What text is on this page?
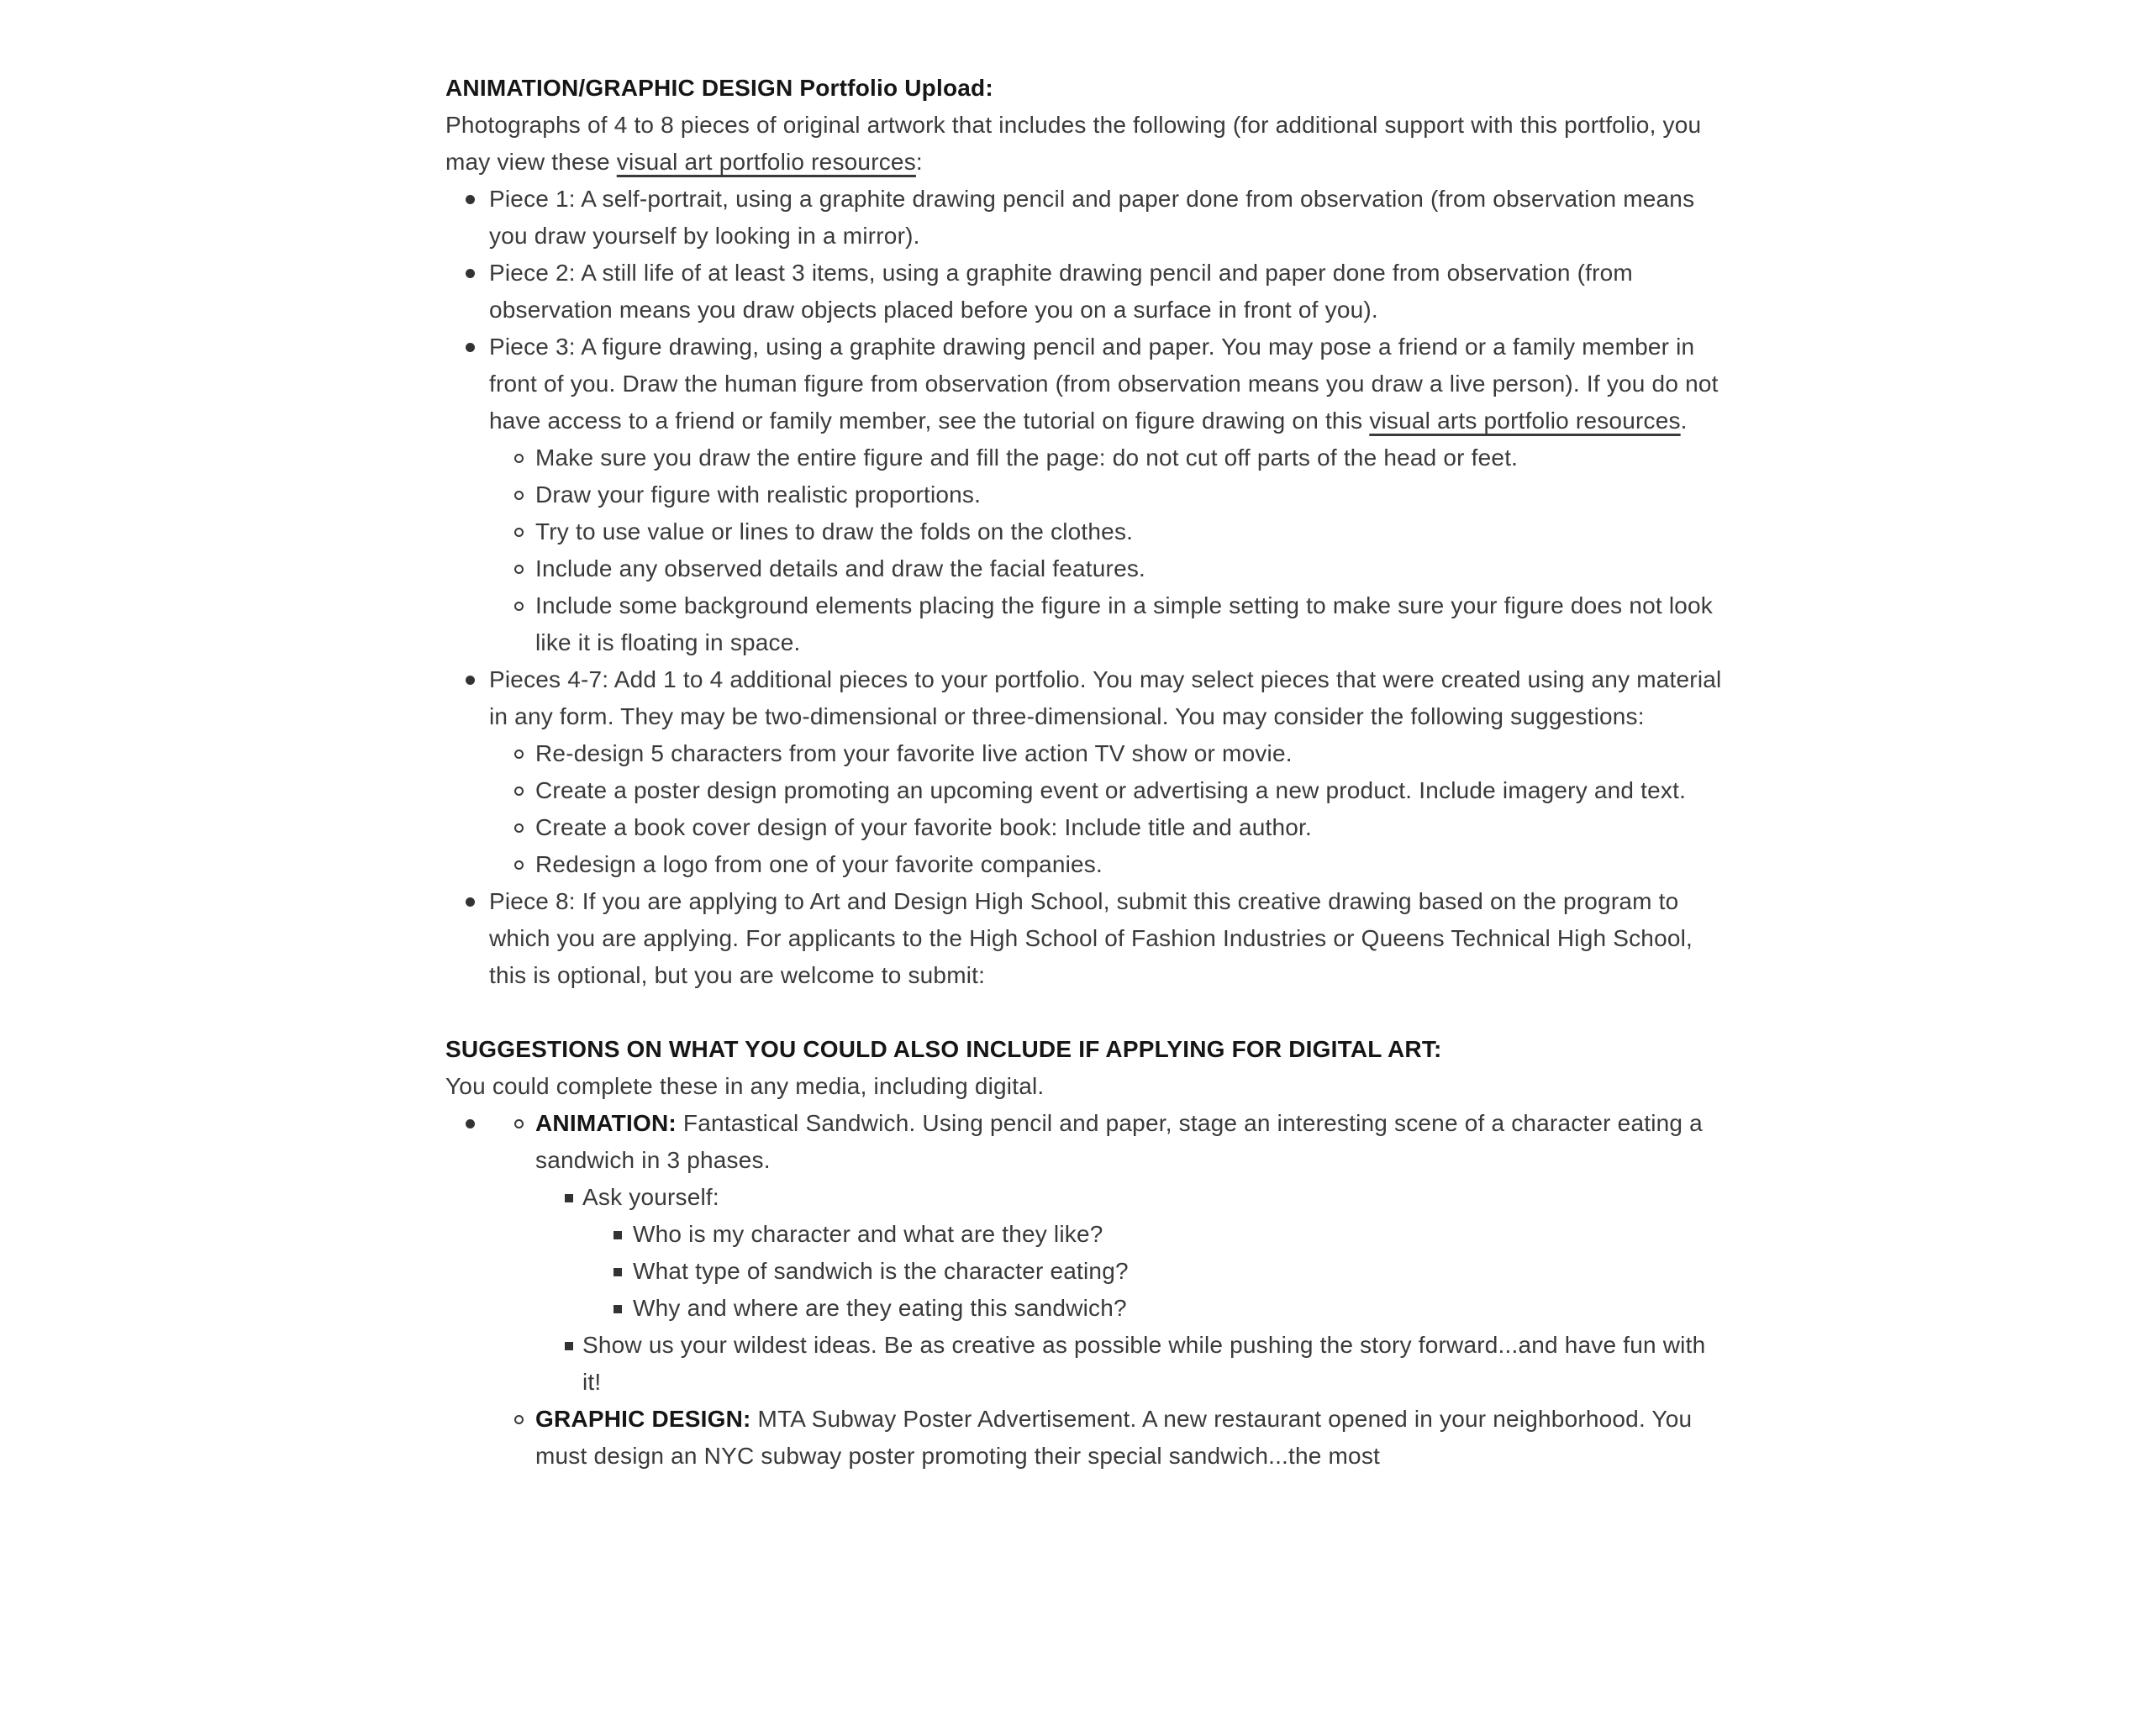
ANIMATION/GRAPHIC DESIGN Portfolio Upload:
Photographs of 4 to 8 pieces of original artwork that includes the following (for additional support with this portfolio, you may view these visual art portfolio resources:
Piece 1: A self-portrait, using a graphite drawing pencil and paper done from observation (from observation means you draw yourself by looking in a mirror).
Piece 2: A still life of at least 3 items, using a graphite drawing pencil and paper done from observation (from observation means you draw objects placed before you on a surface in front of you).
Piece 3: A figure drawing, using a graphite drawing pencil and paper. You may pose a friend or a family member in front of you. Draw the human figure from observation (from observation means you draw a live person). If you do not have access to a friend or family member, see the tutorial on figure drawing on this visual arts portfolio resources.
Make sure you draw the entire figure and fill the page: do not cut off parts of the head or feet.
Draw your figure with realistic proportions.
Try to use value or lines to draw the folds on the clothes.
Include any observed details and draw the facial features.
Include some background elements placing the figure in a simple setting to make sure your figure does not look like it is floating in space.
Pieces 4-7: Add 1 to 4 additional pieces to your portfolio. You may select pieces that were created using any material in any form. They may be two-dimensional or three-dimensional. You may consider the following suggestions:
Re-design 5 characters from your favorite live action TV show or movie.
Create a poster design promoting an upcoming event or advertising a new product. Include imagery and text.
Create a book cover design of your favorite book: Include title and author.
Redesign a logo from one of your favorite companies.
Piece 8: If you are applying to Art and Design High School, submit this creative drawing based on the program to which you are applying. For applicants to the High School of Fashion Industries or Queens Technical High School, this is optional, but you are welcome to submit:
SUGGESTIONS ON WHAT YOU COULD ALSO INCLUDE IF APPLYING FOR DIGITAL ART:
You could complete these in any media, including digital.
ANIMATION: Fantastical Sandwich. Using pencil and paper, stage an interesting scene of a character eating a sandwich in 3 phases.
Ask yourself:
Who is my character and what are they like?
What type of sandwich is the character eating?
Why and where are they eating this sandwich?
Show us your wildest ideas. Be as creative as possible while pushing the story forward...and have fun with it!
GRAPHIC DESIGN: MTA Subway Poster Advertisement. A new restaurant opened in your neighborhood. You must design an NYC subway poster promoting their special sandwich...the most
